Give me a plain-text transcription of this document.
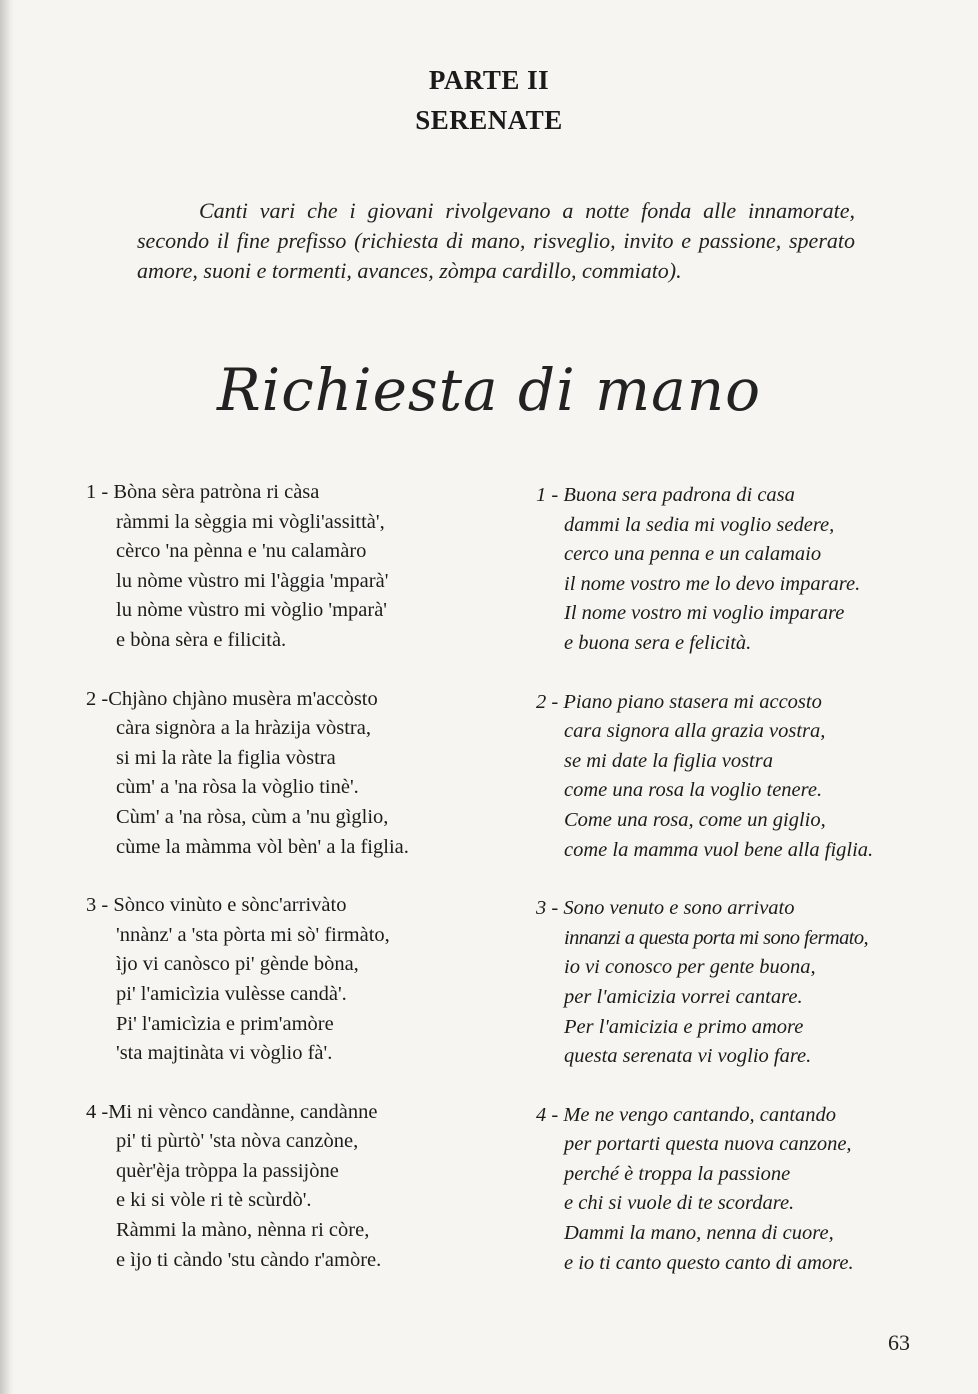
PARTE II
SERENATE

Canti vari che i giovani rivolgevano a notte fonda alle innamorate, secondo il fine prefisso (richiesta di mano, risveglio, invito e passione, sperato amore, suoni e tormenti, avances, zòmpa cardillo, commiato).

Richiesta di mano
1 - Bòna sèra patròna ri càsa
ràmmi la sèggia mi vògli'assittà',
cèrco 'na pènna e 'nu calamàro
lu nòme vùstro mi l'àggia 'mparà'
lu nòme vùstro mi vòglio 'mparà'
e bòna sèra e filicità.
2 -Chjàno chjàno musèra m'accòsto
càra signòra a la hràzija vòstra,
si mi la ràte la figlia vòstra
cùm' a 'na ròsa la vòglio tinè'.
Cùm' a 'na ròsa, cùm a 'nu gìglio,
cùme la màmma vòl bèn' a la figlia.
3 - Sònco vinùto e sònc'arrivàto
'nnànz' a 'sta pòrta mi sò' firmàto,
ìjo vi canòsco pi' gènde bòna,
pi' l'amicìzia vulèsse candà'.
Pi' l'amicìzia e prim'amòre
'sta majtinàta vi vòglio fà'.
4 -Mi ni vènco candànne, candànne
pi' ti pùrtò' 'sta nòva canzòne,
quèr'èja tròppa la passijòne
e ki si vòle ri tè scùrdò'.
Ràmmi la màno, nènna ri còre,
e ìjo ti càndo 'stu càndo r'amòre.
1 - Buona sera padrona di casa
dammi la sedia mi voglio sedere,
cerco una penna e un calamaio
il nome vostro me lo devo imparare.
Il nome vostro mi voglio imparare
e buona sera e felicità.
2 - Piano piano stasera mi accosto
cara signora alla grazia vostra,
se mi date la figlia vostra
come una rosa la voglio tenere.
Come una rosa, come un giglio,
come la mamma vuol bene alla figlia.
3 - Sono venuto e sono arrivato
innanzi a questa porta mi sono fermato,
io vi conosco per gente buona,
per l'amicizia vorrei cantare.
Per l'amicizia e primo amore
questa serenata vi voglio fare.
4 - Me ne vengo cantando, cantando
per portarti questa nuova canzone,
perché è troppa la passione
e chi si vuole di te scordare.
Dammi la mano, nenna di cuore,
e io ti canto questo canto di amore.
63
